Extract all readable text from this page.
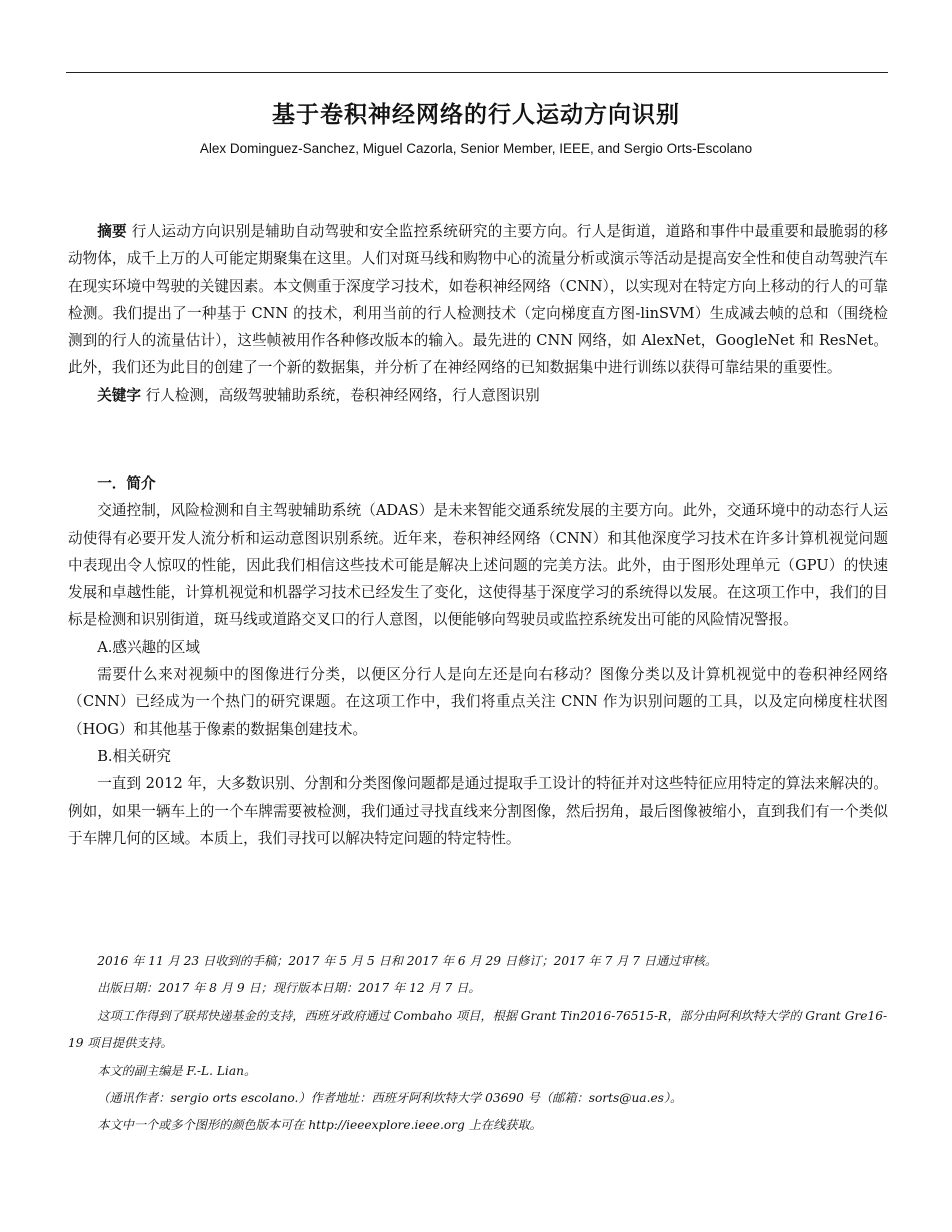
基于卷积神经网络的行人运动方向识别
Alex Dominguez-Sanchez, Miguel Cazorla, Senior Member, IEEE, and Sergio Orts-Escolano

摘要 行人运动方向识别是辅助自动驾驶和安全监控系统研究的主要方向。行人是街道，道路和事件中最重要和最脆弱的移动物体，成千上万的人可能定期聚集在这里。人们对斑马线和购物中心的流量分析或演示等活动是提高安全性和使自动驾驶汽车在现实环境中驾驶的关键因素。本文侧重于深度学习技术，如卷积神经网络（CNN），以实现对在特定方向上移动的行人的可靠检测。我们提出了一种基于 CNN 的技术，利用当前的行人检测技术（定向梯度直方图-linSVM）生成减去帧的总和（围绕检测到的行人的流量估计），这些帧被用作各种修改版本的输入。最先进的 CNN 网络，如 AlexNet，GoogleNet 和 ResNet。此外，我们还为此目的创建了一个新的数据集，并分析了在神经网络的已知数据集中进行训练以获得可靠结果的重要性。

关键字 行人检测，高级驾驶辅助系统，卷积神经网络，行人意图识别

一．简介

交通控制，风险检测和自主驾驶辅助系统（ADAS）是未来智能交通系统发展的主要方向。此外，交通环境中的动态行人运动使得有必要开发人流分析和运动意图识别系统。近年来，卷积神经网络（CNN）和其他深度学习技术在许多计算机视觉问题中表现出令人惊叹的性能，因此我们相信这些技术可能是解决上述问题的完美方法。此外，由于图形处理单元（GPU）的快速发展和卓越性能，计算机视觉和机器学习技术已经发生了变化，这使得基于深度学习的系统得以发展。在这项工作中，我们的目标是检测和识别街道，斑马线或道路交叉口的行人意图，以便能够向驾驶员或监控系统发出可能的风险情况警报。

A.感兴趣的区域

需要什么来对视频中的图像进行分类，以便区分行人是向左还是向右移动？图像分类以及计算机视觉中的卷积神经网络（CNN）已经成为一个热门的研究课题。在这项工作中，我们将重点关注 CNN 作为识别问题的工具，以及定向梯度柱状图（HOG）和其他基于像素的数据集创建技术。

B.相关研究

一直到 2012 年，大多数识别、分割和分类图像问题都是通过提取手工设计的特征并对这些特征应用特定的算法来解决的。例如，如果一辆车上的一个车牌需要被检测，我们通过寻找直线来分割图像，然后拐角，最后图像被缩小，直到我们有一个类似于车牌几何的区域。本质上，我们寻找可以解决特定问题的特定特性。

2016 年 11 月 23 日收到的手稿；2017 年 5 月 5 日和 2017 年 6 月 29 日修订；2017 年 7 月 7 日通过审核。

出版日期：2017 年 8 月 9 日；现行版本日期：2017 年 12 月 7 日。

这项工作得到了联邦快递基金的支持，西班牙政府通过 Combaho 项目，根据 Grant Tin2016-76515-R，部分由阿利坎特大学的 Grant Gre16-19 项目提供支持。

本文的副主编是 F.-L. Lian。

（通讯作者：sergio orts escolano.）作者地址：西班牙阿利坎特大学 03690 号（邮箱：sorts@ua.es）。

本文中一个或多个图形的颜色版本可在 http://ieeexplore.ieee.org 上在线获取。
